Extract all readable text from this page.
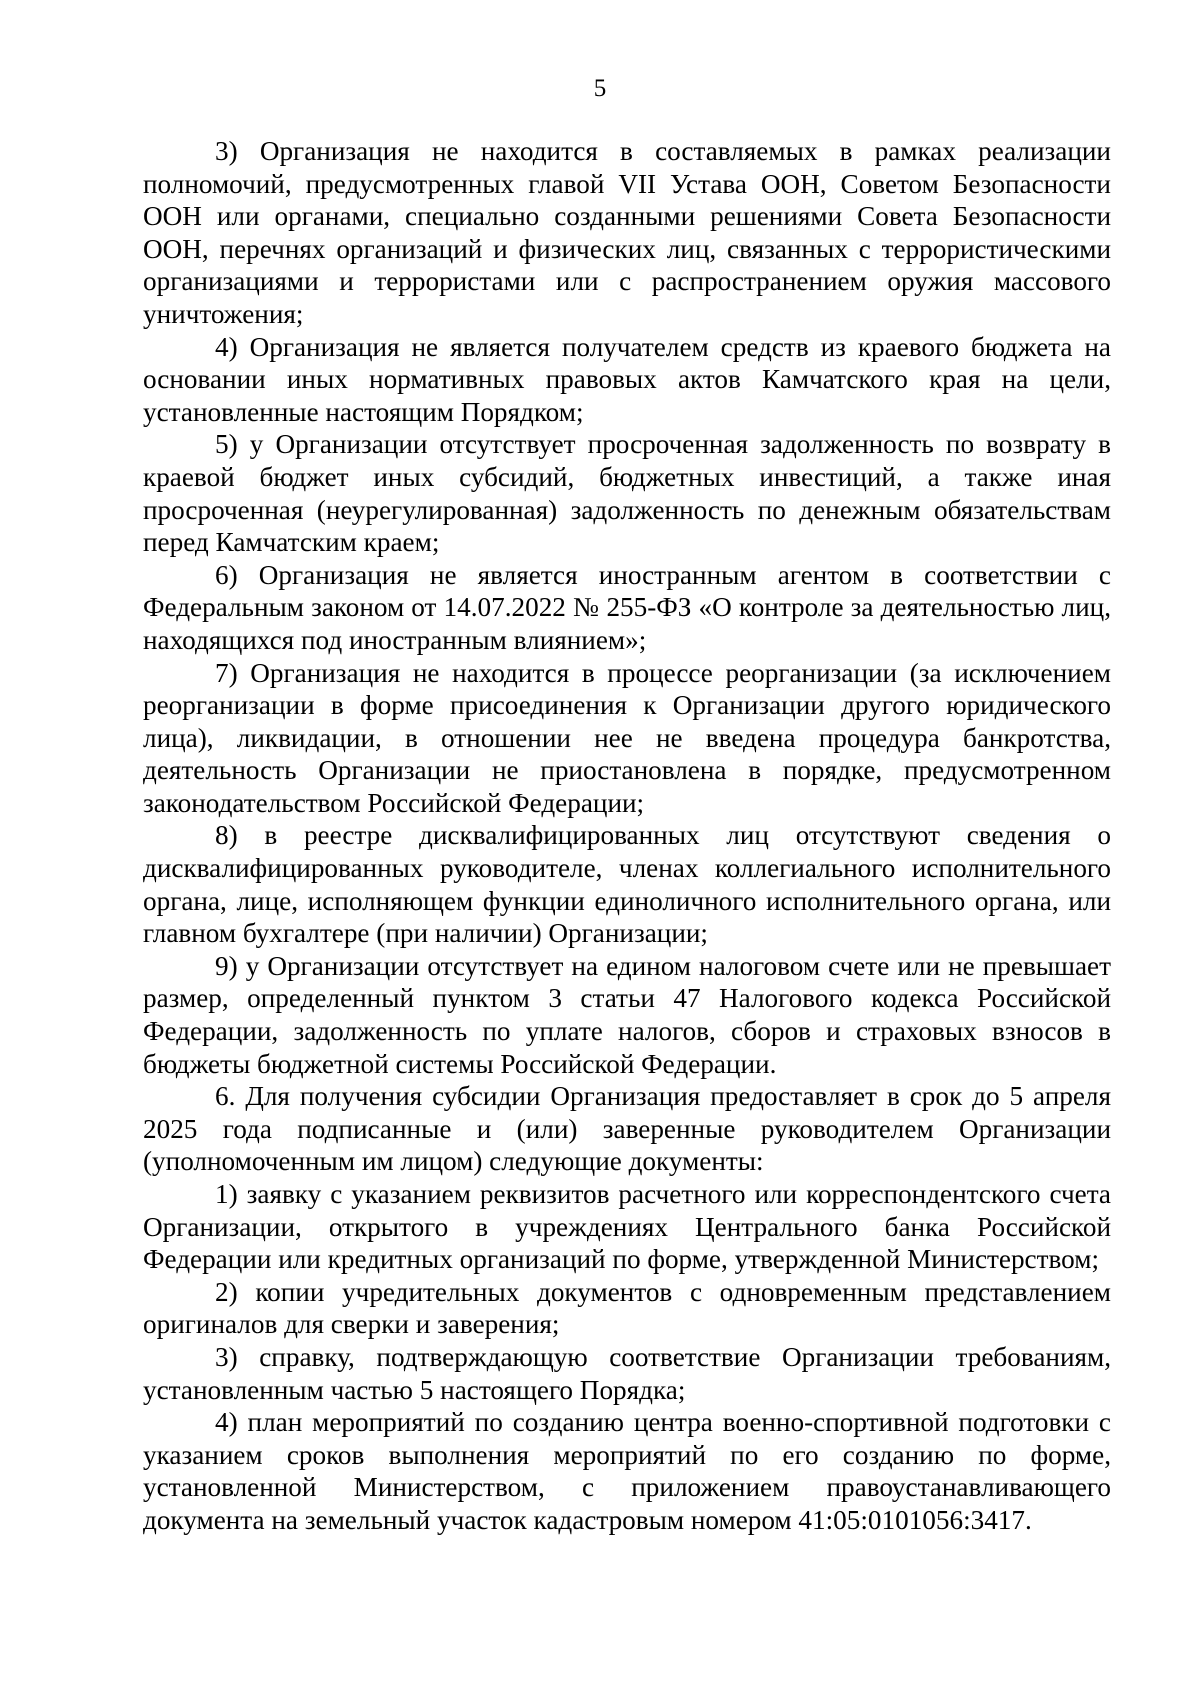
5

3) Организация не находится в составляемых в рамках реализации полномочий, предусмотренных главой VII Устава ООН, Советом Безопасности ООН или органами, специально созданными решениями Совета Безопасности ООН, перечнях организаций и физических лиц, связанных с террористическими организациями и террористами или с распространением оружия массового уничтожения;

4) Организация не является получателем средств из краевого бюджета на основании иных нормативных правовых актов Камчатского края на цели, установленные настоящим Порядком;

5) у Организации отсутствует просроченная задолженность по возврату в краевой бюджет иных субсидий, бюджетных инвестиций, а также иная просроченная (неурегулированная) задолженность по денежным обязательствам перед Камчатским краем;

6) Организация не является иностранным агентом в соответствии с Федеральным законом от 14.07.2022 № 255-ФЗ «О контроле за деятельностью лиц, находящихся под иностранным влиянием»;

7) Организация не находится в процессе реорганизации (за исключением реорганизации в форме присоединения к Организации другого юридического лица), ликвидации, в отношении нее не введена процедура банкротства, деятельность Организации не приостановлена в порядке, предусмотренном законодательством Российской Федерации;

8) в реестре дисквалифицированных лиц отсутствуют сведения о дисквалифицированных руководителе, членах коллегиального исполнительного органа, лице, исполняющем функции единоличного исполнительного органа, или главном бухгалтере (при наличии) Организации;

9) у Организации отсутствует на едином налоговом счете или не превышает размер, определенный пунктом 3 статьи 47 Налогового кодекса Российской Федерации, задолженность по уплате налогов, сборов и страховых взносов в бюджеты бюджетной системы Российской Федерации.

6. Для получения субсидии Организация предоставляет в срок до 5 апреля 2025 года подписанные и (или) заверенные руководителем Организации (уполномоченным им лицом) следующие документы:

1) заявку с указанием реквизитов расчетного или корреспондентского счета Организации, открытого в учреждениях Центрального банка Российской Федерации или кредитных организаций по форме, утвержденной Министерством;

2) копии учредительных документов с одновременным представлением оригиналов для сверки и заверения;

3) справку, подтверждающую соответствие Организации требованиям, установленным частью 5 настоящего Порядка;

4) план мероприятий по созданию центра военно-спортивной подготовки с указанием сроков выполнения мероприятий по его созданию по форме, установленной Министерством, с приложением правоустанавливающего документа на земельный участок кадастровым номером 41:05:0101056:3417.
